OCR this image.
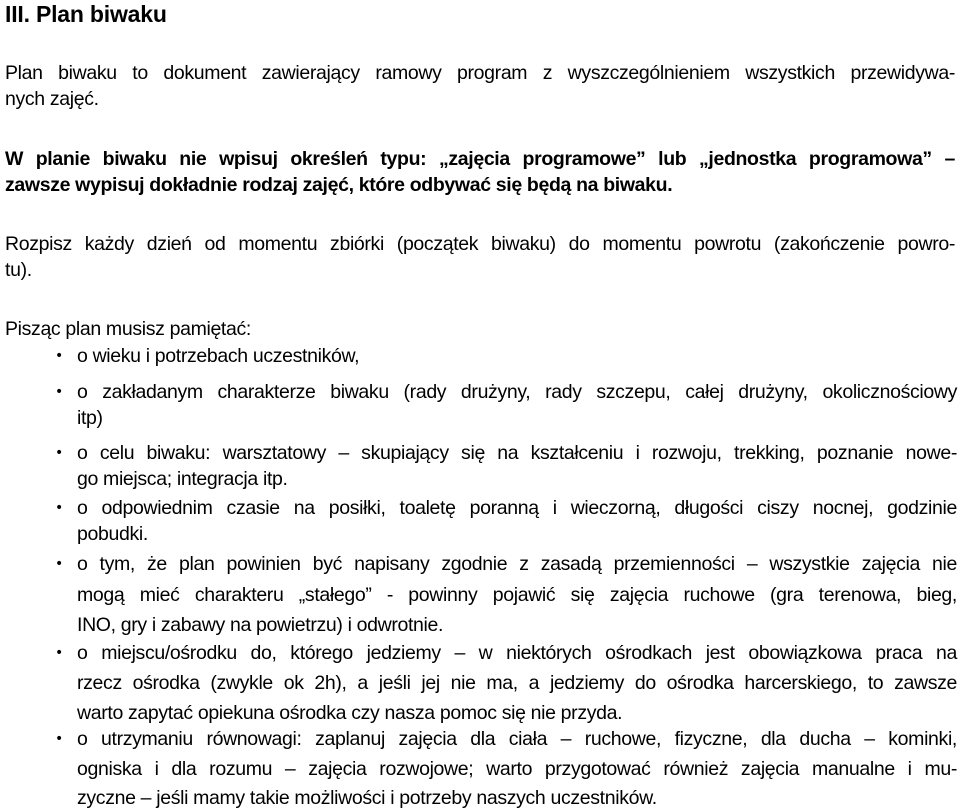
III. Plan biwaku
Plan biwaku to dokument zawierający ramowy program z wyszczególnieniem wszystkich przewidywa-
nych zajęć.
W planie biwaku nie wpisuj określeń typu: „zajęcia programowe” lub „jednostka programowa” –
zawsze wypisuj dokładnie rodzaj zajęć, które odbywać się będą na biwaku.
Rozpisz każdy dzień od momentu zbiórki (początek biwaku) do momentu powrotu (zakończenie powro-
tu).
Pisząc plan musisz pamiętać:
• o wieku i potrzebach uczestników,
• o zakładanym charakterze biwaku (rady drużyny, rady szczepu, całej drużyny, okolicznościowy
itp)
• o celu biwaku: warsztatowy – skupiający się na kształceniu i rozwoju, trekking, poznanie nowe-
go miejsca; integracja itp.
• o odpowiednim czasie na posiłki, toaletę poranną i wieczorną, długości ciszy nocnej, godzinie
pobudki.
• o tym, że plan powinien być napisany zgodnie z zasadą przemienności – wszystkie zajęcia nie
mogą mieć charakteru „stałego” - powinny pojawić się zajęcia ruchowe (gra terenowa, bieg,
INO, gry i zabawy na powietrzu) i odwrotnie.
• o miejscu/ośrodku do, którego jedziemy – w niektórych ośrodkach jest obowiązkowa praca na
rzecz ośrodka (zwykle ok 2h), a jeśli jej nie ma, a jedziemy do ośrodka harcerskiego, to zawsze
warto zapytać opiekuna ośrodka czy nasza pomoc się nie przyda.
• o utrzymaniu równowagi: zaplanuj zajęcia dla ciała – ruchowe, fizyczne, dla ducha – kominki,
ogniska i dla rozumu – zajęcia rozwojowe; warto przygotować również zajęcia manualne i mu-
zyczne – jeśli mamy takie możliwości i potrzeby naszych uczestników.
